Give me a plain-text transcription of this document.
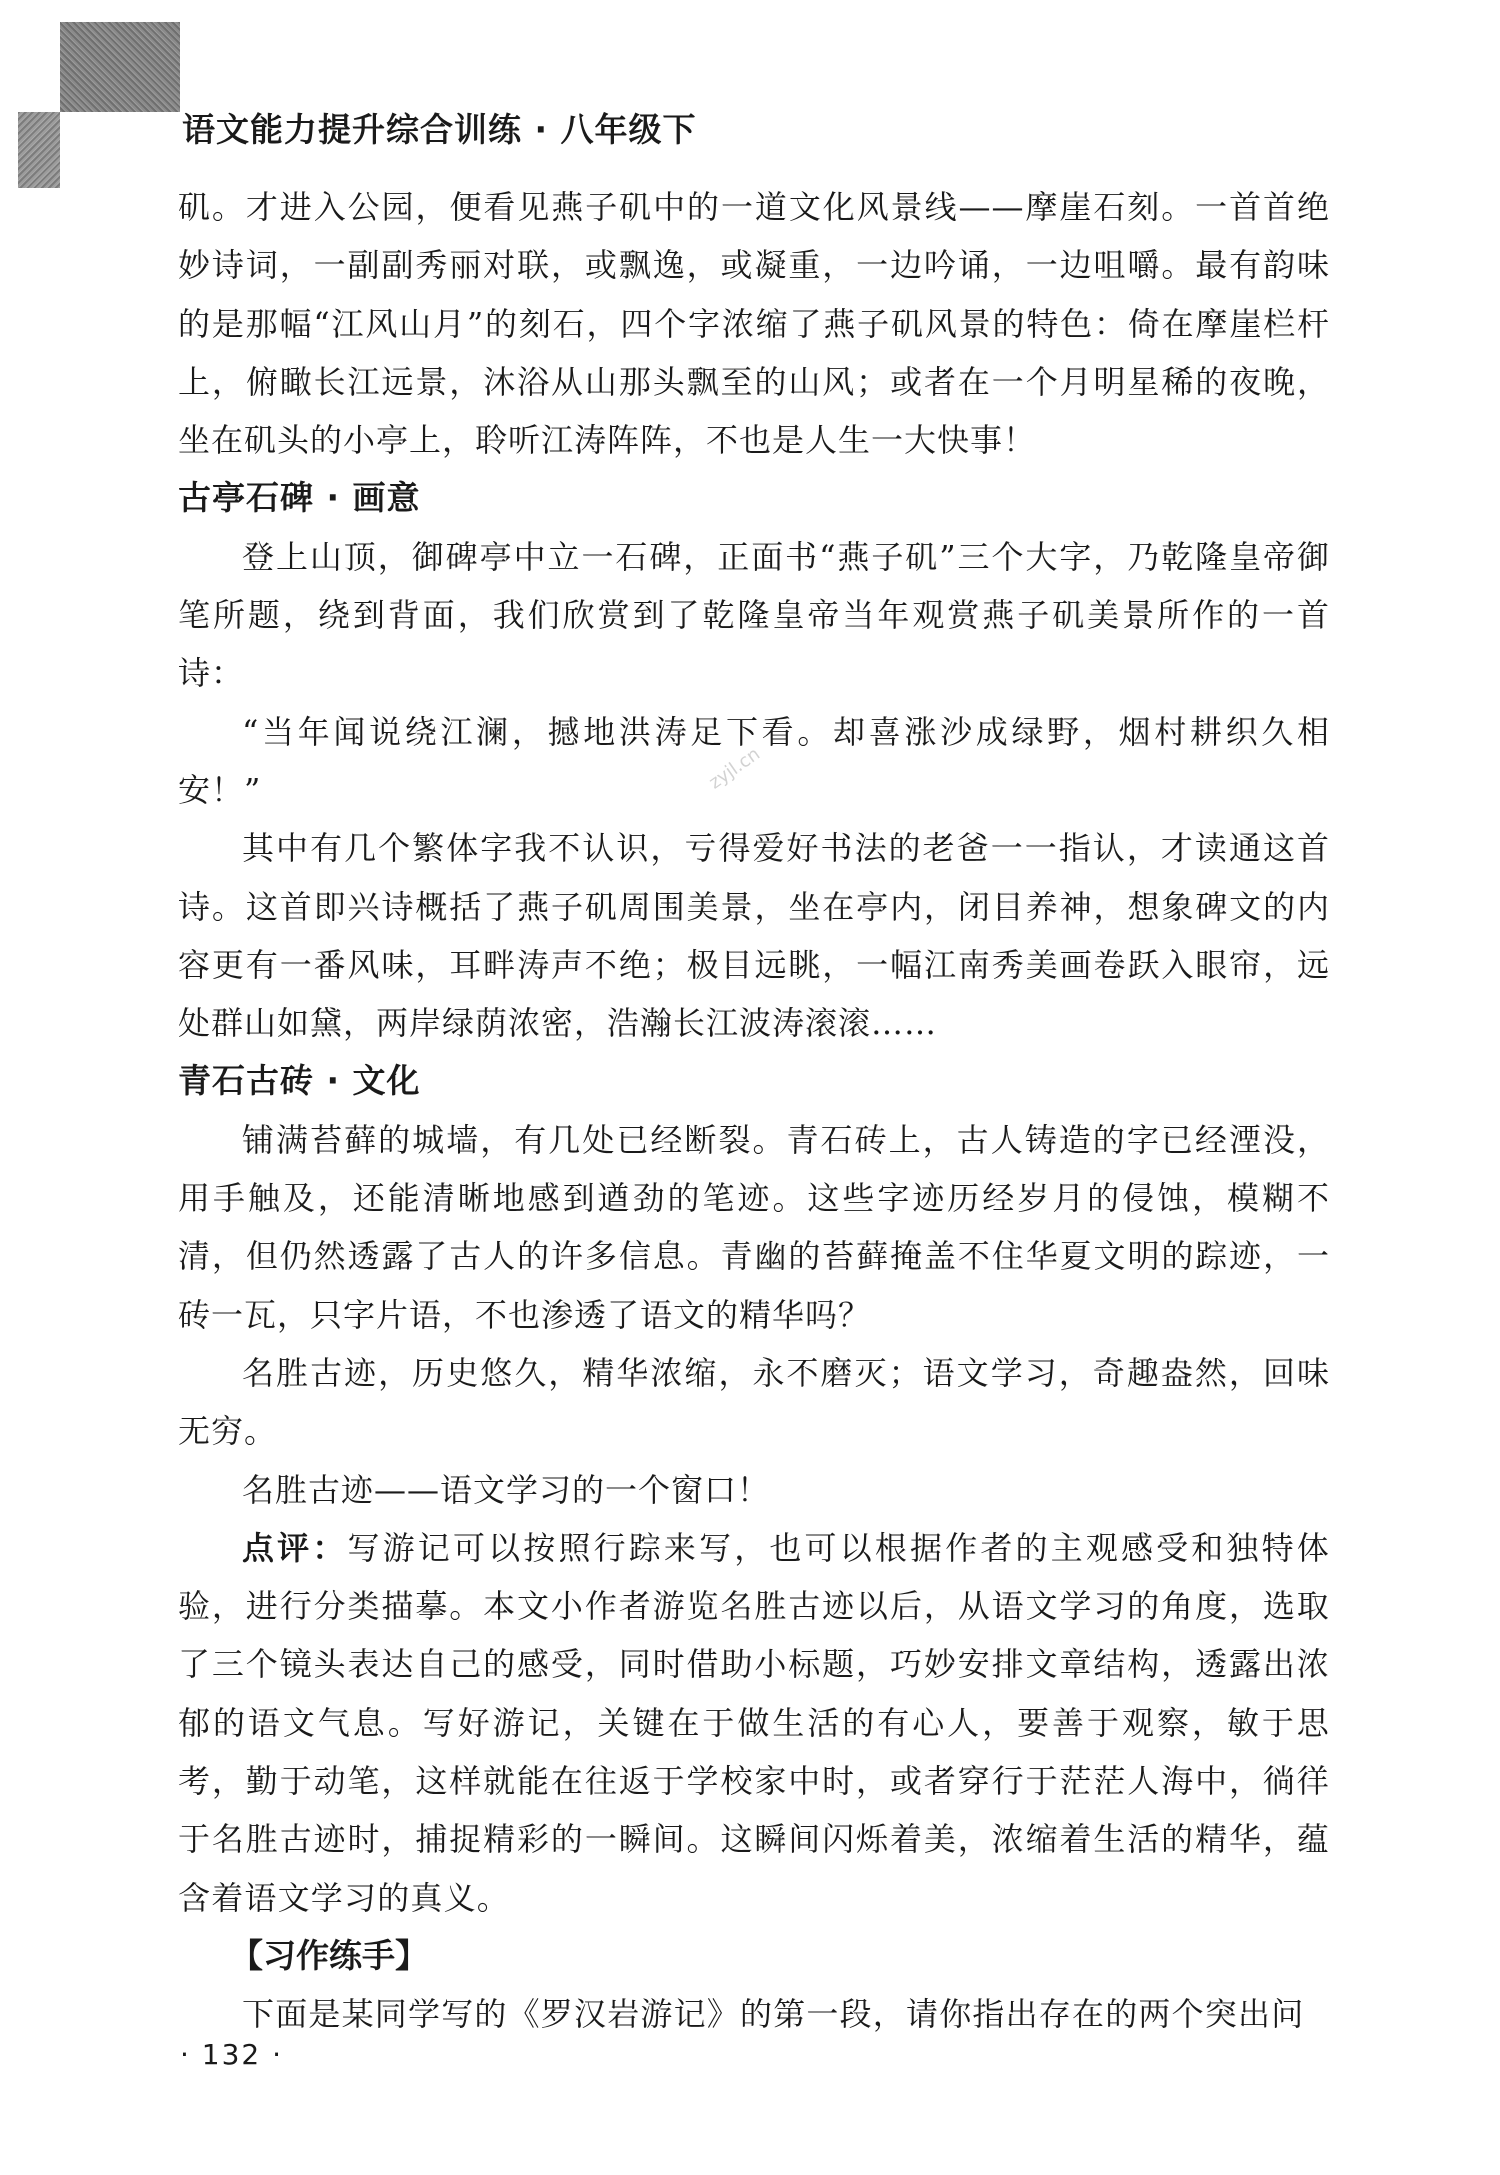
语文能力提升综合训练 · 八年级下
zyjl.cn

矶。才进入公园，便看见燕子矶中的一道文化风景线——摩崖石刻。一首首绝妙诗词，一副副秀丽对联，或飘逸，或凝重，一边吟诵，一边咀嚼。最有韵味的是那幅“江风山月”的刻石，四个字浓缩了燕子矶风景的特色：倚在摩崖栏杆上，俯瞰长江远景，沐浴从山那头飘至的山风；或者在一个月明星稀的夜晚，坐在矶头的小亭上，聆听江涛阵阵，不也是人生一大快事！

古亭石碑 · 画意

登上山顶，御碑亭中立一石碑，正面书“燕子矶”三个大字，乃乾隆皇帝御笔所题，绕到背面，我们欣赏到了乾隆皇帝当年观赏燕子矶美景所作的一首诗：

“当年闻说绕江澜，撼地洪涛足下看。却喜涨沙成绿野，烟村耕织久相安！”

其中有几个繁体字我不认识，亏得爱好书法的老爸一一指认，才读通这首诗。这首即兴诗概括了燕子矶周围美景，坐在亭内，闭目养神，想象碑文的内容更有一番风味，耳畔涛声不绝；极目远眺，一幅江南秀美画卷跃入眼帘，远处群山如黛，两岸绿荫浓密，浩瀚长江波涛滚滚……

青石古砖 · 文化

铺满苔藓的城墙，有几处已经断裂。青石砖上，古人铸造的字已经湮没，用手触及，还能清晰地感到遒劲的笔迹。这些字迹历经岁月的侵蚀，模糊不清，但仍然透露了古人的许多信息。青幽的苔藓掩盖不住华夏文明的踪迹，一砖一瓦，只字片语，不也渗透了语文的精华吗？

名胜古迹，历史悠久，精华浓缩，永不磨灭；语文学习，奇趣盎然，回味无穷。

名胜古迹——语文学习的一个窗口！

点评：写游记可以按照行踪来写，也可以根据作者的主观感受和独特体验，进行分类描摹。本文小作者游览名胜古迹以后，从语文学习的角度，选取了三个镜头表达自己的感受，同时借助小标题，巧妙安排文章结构，透露出浓郁的语文气息。写好游记，关键在于做生活的有心人，要善于观察，敏于思考，勤于动笔，这样就能在往返于学校家中时，或者穿行于茫茫人海中，徜徉于名胜古迹时，捕捉精彩的一瞬间。这瞬间闪烁着美，浓缩着生活的精华，蕴含着语文学习的真义。

【习作练手】

下面是某同学写的《罗汉岩游记》的第一段，请你指出存在的两个突出问

· 132 ·
